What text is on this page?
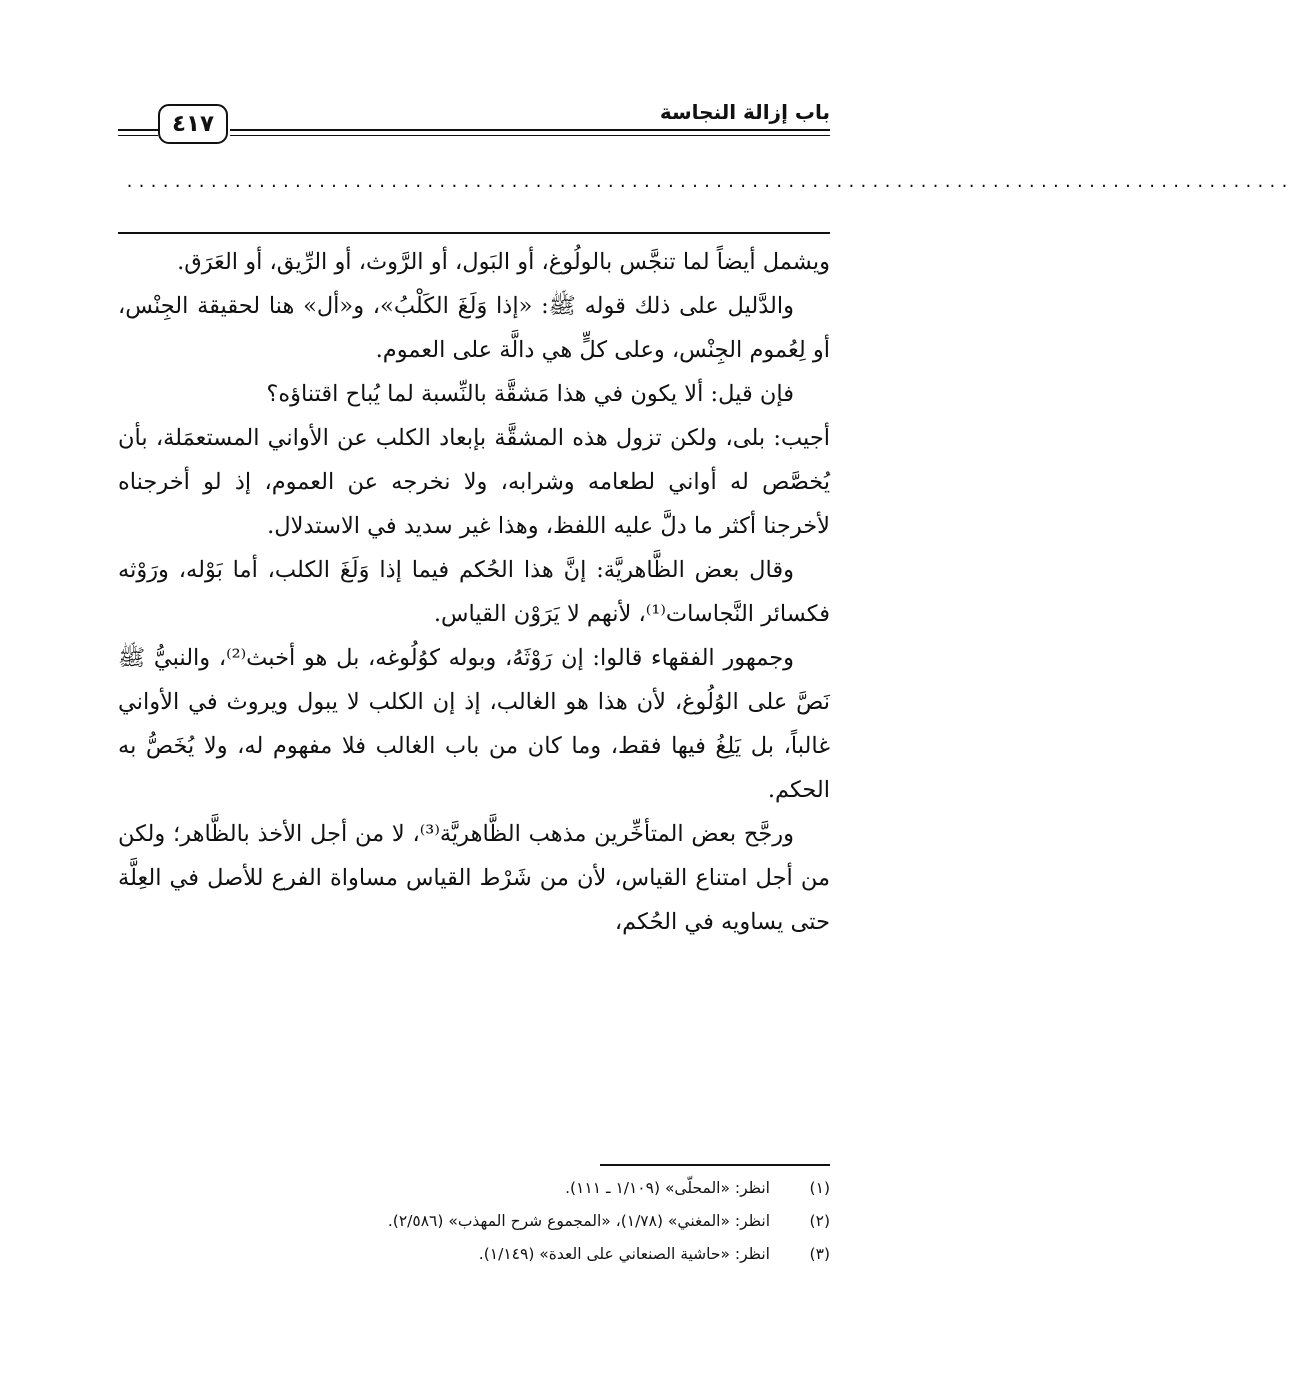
باب إزالة النجاسة
٤١٧
·································································································

ويشمل أيضاً لما تنجَّس بالولُوغ، أو البَول، أو الرَّوث، أو الرِّيق، أو العَرَق.

والدَّليل على ذلك قوله ﷺ: «إذا وَلَغَ الكَلْبُ»، و«أل» هنا لحقيقة الجِنْس، أو لِعُموم الجِنْس، وعلى كلٍّ هي دالَّة على العموم.

فإن قيل: ألا يكون في هذا مَشقَّة بالنِّسبة لما يُباح اقتناؤه؟

أجيب: بلى، ولكن تزول هذه المشقَّة بإبعاد الكلب عن الأواني المستعمَلة، بأن يُخصَّص له أواني لطعامه وشرابه، ولا نخرجه عن العموم، إذ لو أخرجناه لأخرجنا أكثر ما دلَّ عليه اللفظ، وهذا غير سديد في الاستدلال.

وقال بعض الظَّاهريَّة: إنَّ هذا الحُكم فيما إذا وَلَغَ الكلب، أما بَوْله، ورَوْثه فكسائر النَّجاسات⁽¹⁾، لأنهم لا يَرَوْن القياس.

وجمهور الفقهاء قالوا: إن رَوْثَهُ، وبوله كوُلُوغه، بل هو أخبث⁽²⁾، والنبيُّ ﷺ نَصَّ على الوُلُوغ، لأن هذا هو الغالب، إذ إن الكلب لا يبول ويروث في الأواني غالباً، بل يَلِغُ فيها فقط، وما كان من باب الغالب فلا مفهوم له، ولا يُخَصُّ به الحكم.

ورجَّح بعض المتأخِّرين مذهب الظَّاهريَّة⁽³⁾، لا من أجل الأخذ بالظَّاهر؛ ولكن من أجل امتناع القياس، لأن من شَرْط القياس مساواة الفرع للأصل في العِلَّة حتى يساويه في الحُكم،

(١)
انظر: «المحلّى» (١/١٠٩ ـ ١١١).
(٢)
انظر: «المغني» (١/٧٨)، «المجموع شرح المهذب» (٢/٥٨٦).
(٣)
انظر: «حاشية الصنعاني على العدة» (١/١٤٩).
